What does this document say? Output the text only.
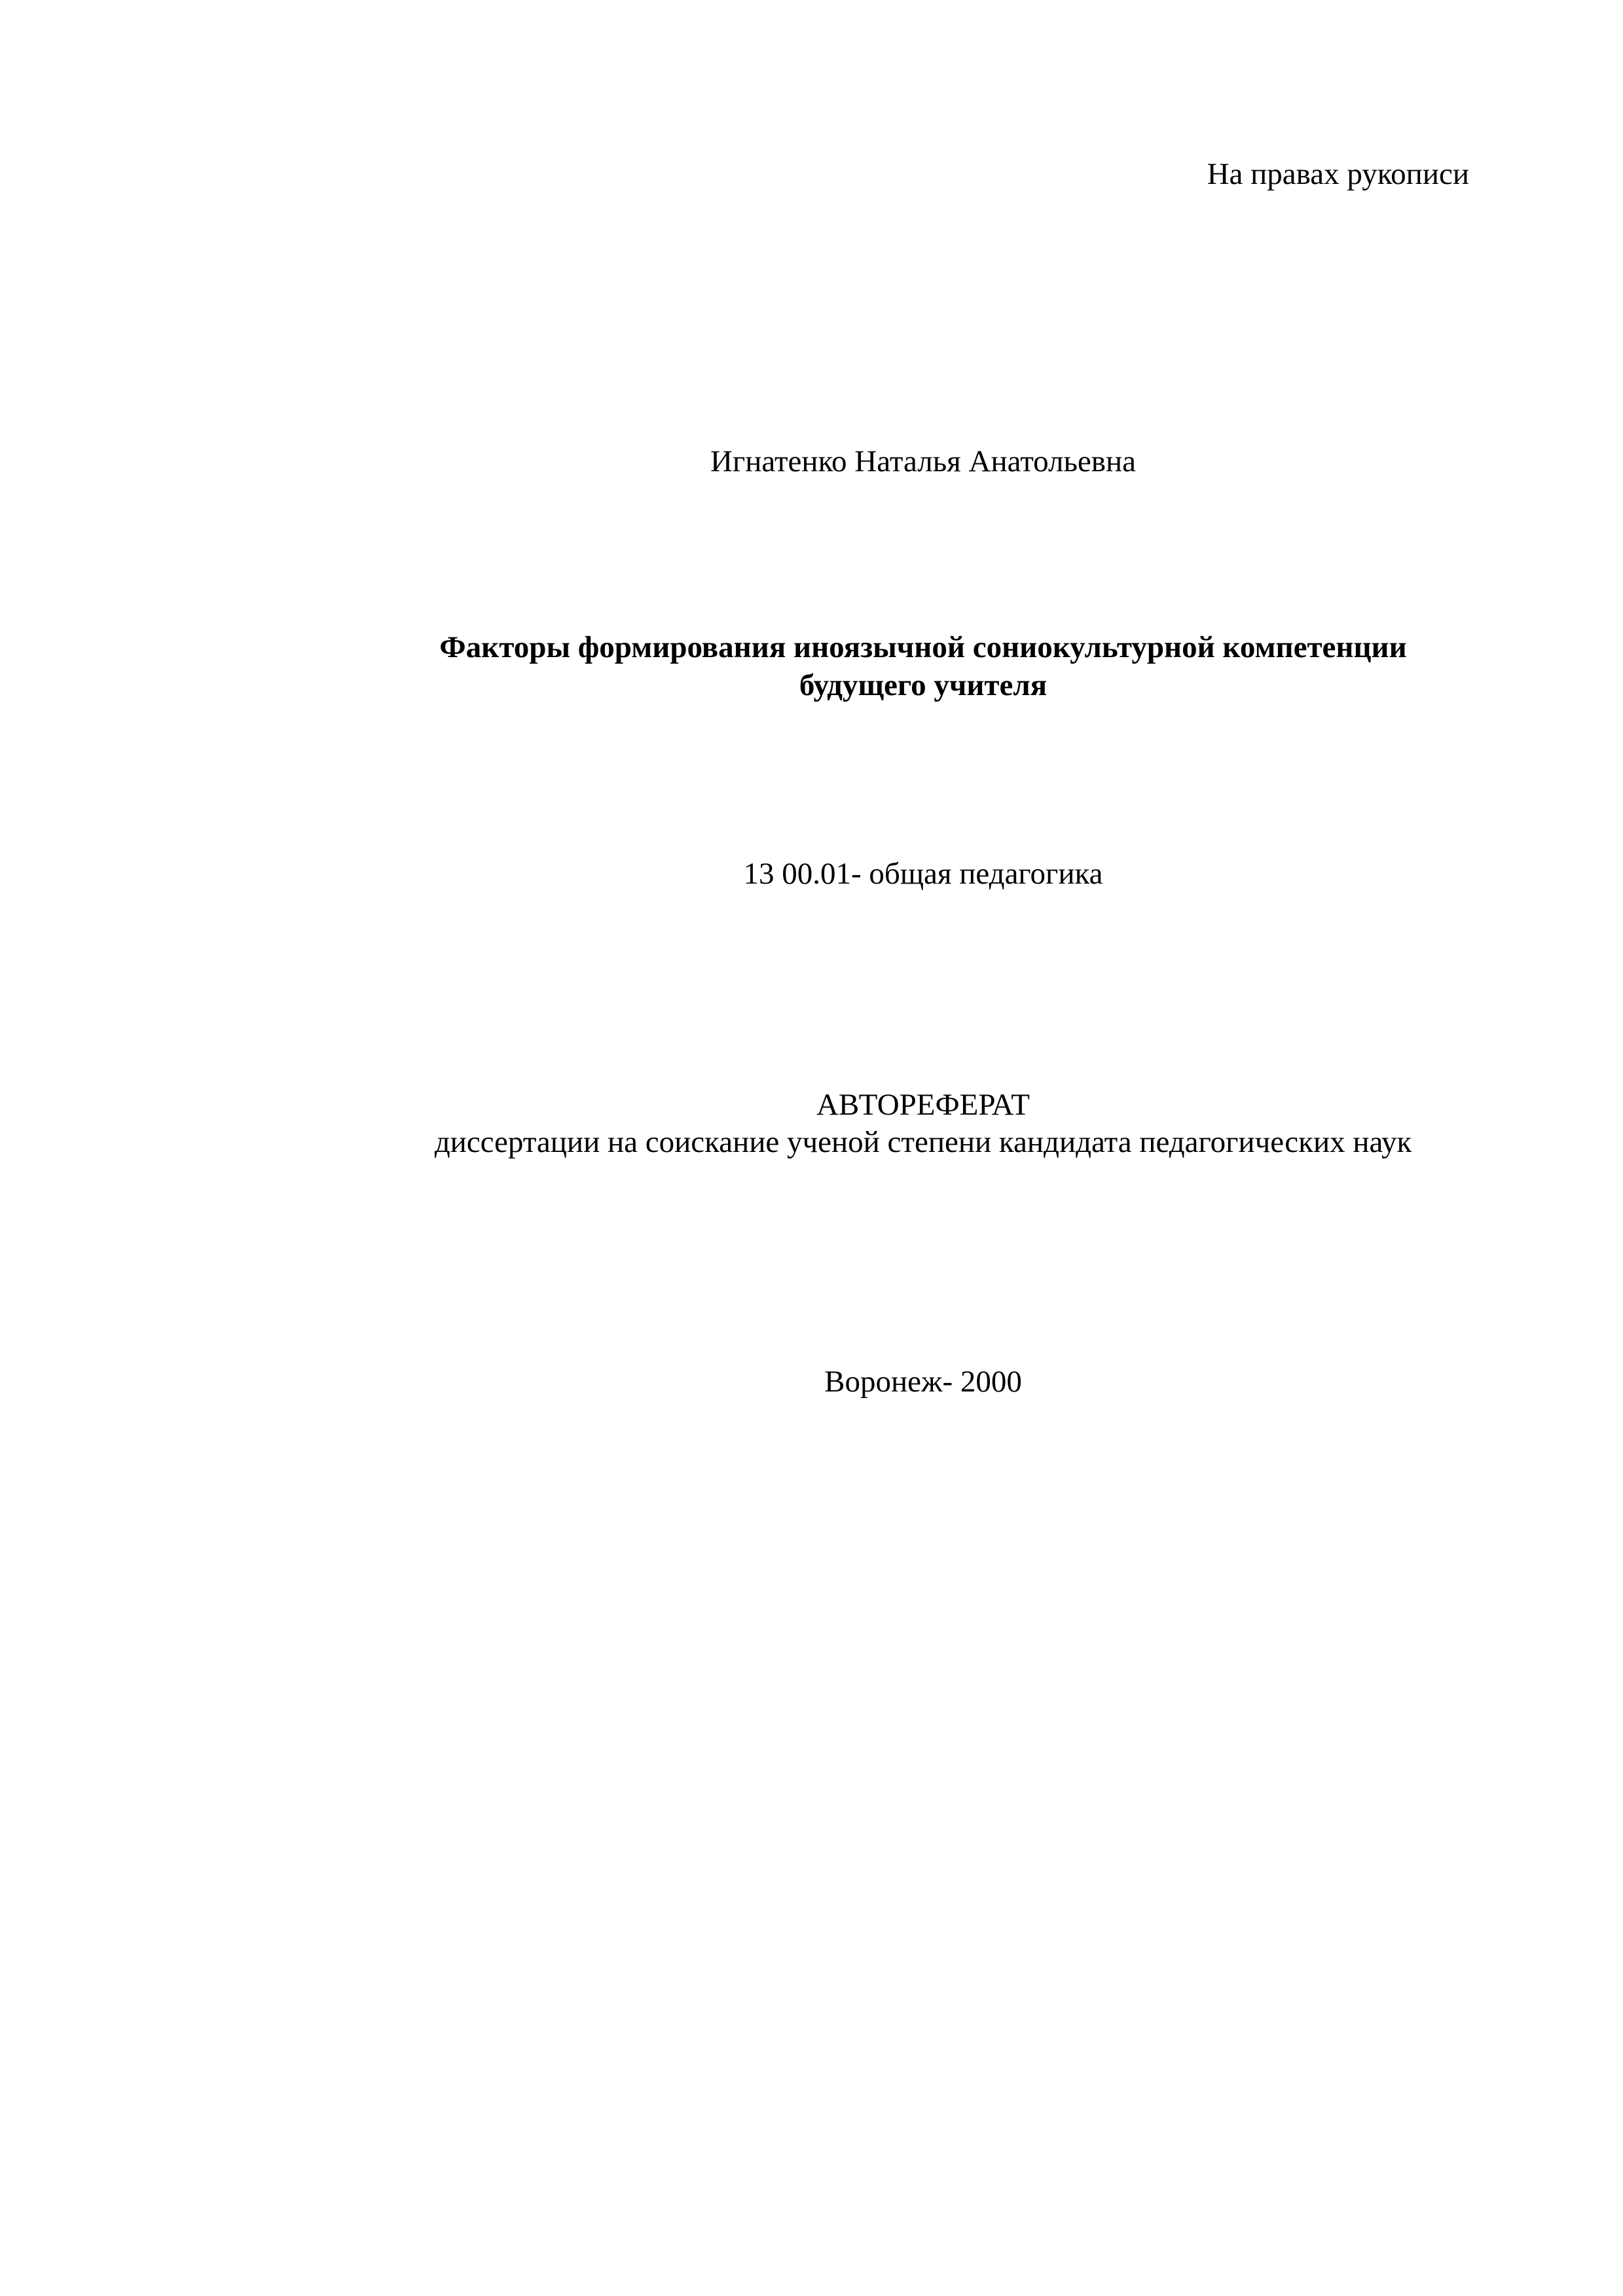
На правах рукописи

Игнатенко Наталья Анатольевна

Факторы формирования иноязычной сониокультурной компетенции

будущего учителя

13 00.01- общая педагогика

АВТОРЕФЕРАТ

диссертации на соискание ученой степени кандидата педагогических наук

Воронеж- 2000
